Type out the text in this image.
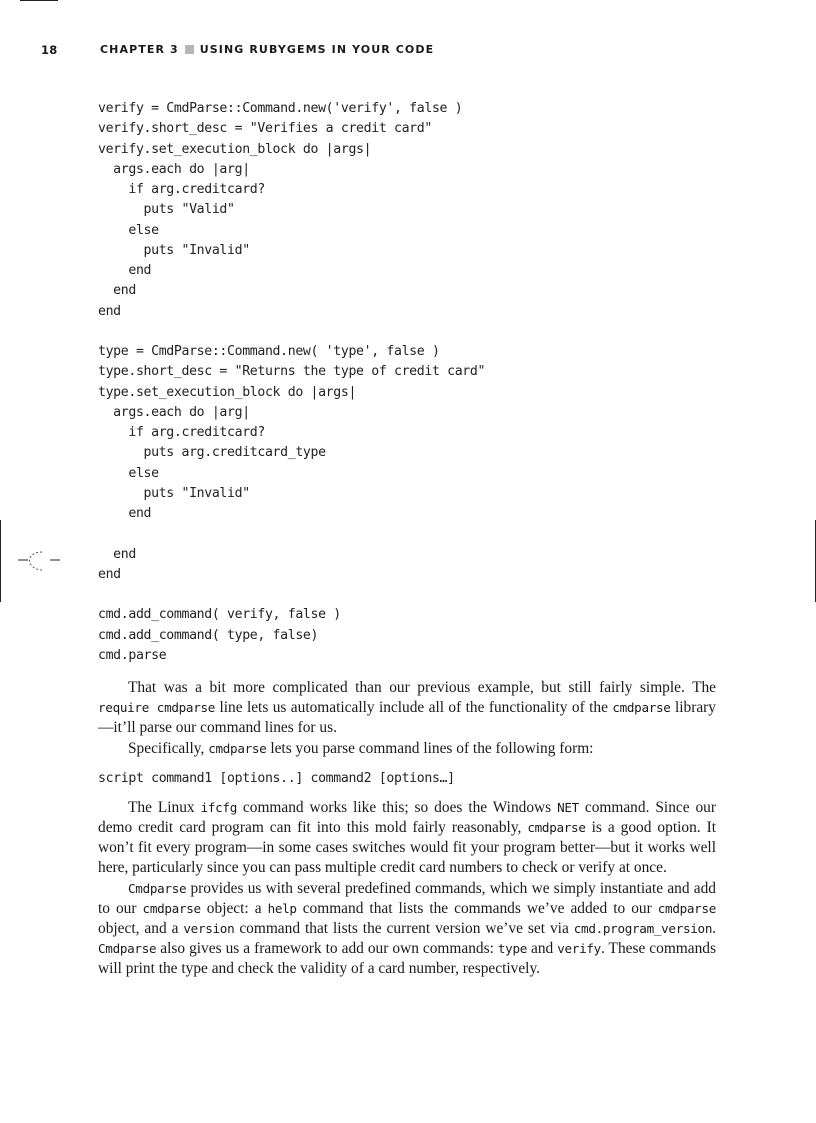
18	CHAPTER 3 USING RUBYGEMS IN YOUR CODE
verify = CmdParse::Command.new('verify', false )
verify.short_desc = "Verifies a credit card"
verify.set_execution_block do |args|
args.each do |arg|
if arg.creditcard?
puts "Valid"
else
puts "Invalid"
end
end
end

type = CmdParse::Command.new( 'type', false )
type.short_desc = "Returns the type of credit card"
type.set_execution_block do |args|
args.each do |arg|
if arg.creditcard?
puts arg.creditcard_type
else
puts "Invalid"
end

end
end

cmd.add_command( verify, false )
cmd.add_command( type, false)
cmd.parse

That was a bit more complicated than our previous example, but still fairly simple. The require cmdparse line lets us automatically include all of the functionality of the cmdparse library—it’ll parse our command lines for us.

Specifically, cmdparse lets you parse command lines of the following form:

script command1 [options..] command2 [options…]

The Linux ifcfg command works like this; so does the Windows NET command. Since our demo credit card program can fit into this mold fairly reasonably, cmdparse is a good option. It won’t fit every program—in some cases switches would fit your program better—but it works well here, particularly since you can pass multiple credit card numbers to check or verify at once.

Cmdparse provides us with several predefined commands, which we simply instantiate and add to our cmdparse object: a help command that lists the commands we’ve added to our cmdparse object, and a version command that lists the current version we’ve set via cmd.program_version. Cmdparse also gives us a framework to add our own commands: type and verify. These commands will print the type and check the validity of a card number, respectively.
